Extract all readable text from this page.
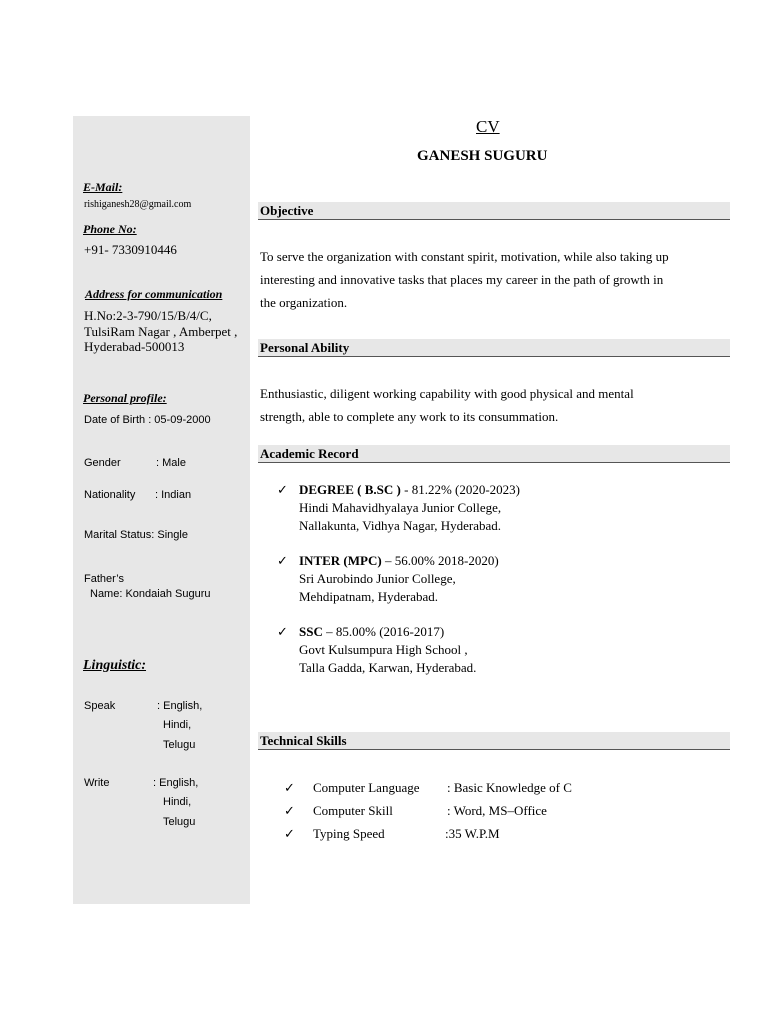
E-Mail:
rishiganesh28@gmail.com
Phone No:
+91- 7330910446
Address for communication
H.No:2-3-790/15/B/4/C,
TulsiRam Nagar , Amberpet ,
Hyderabad-500013
Personal profile:
Date of Birth : 05-09-2000
Gender	: Male
Nationality : Indian
Marital Status: Single
Father’s
Name: Kondaiah Suguru
Linguistic:
Speak	: English,
Hindi,
Telugu
Write	: English,
Hindi,
Telugu
CV
GANESH SUGURU
Objective
To serve the organization with constant spirit, motivation, while also taking up
interesting and innovative tasks that places my career in the path of growth in
the organization.
Personal Ability
Enthusiastic, diligent working capability with good physical and mental
strength, able to complete any work to its consummation.
Academic Record
✓ DEGREE ( B.SC ) - 81.22% (2020-2023)
Hindi Mahavidhyalaya Junior College,
Nallakunta, Vidhya Nagar, Hyderabad.
✓ INTER (MPC) – 56.00% 2018-2020)
Sri Aurobindo Junior College,
Mehdipatnam, Hyderabad.
✓ SSC – 85.00% (2016-2017)
Govt Kulsumpura High School ,
Talla Gadda, Karwan, Hyderabad.
Technical Skills
✓ Computer Language : Basic Knowledge of C
✓ Computer Skill	: Word, MS–Office
✓ Typing Speed	:35 W.P.M
